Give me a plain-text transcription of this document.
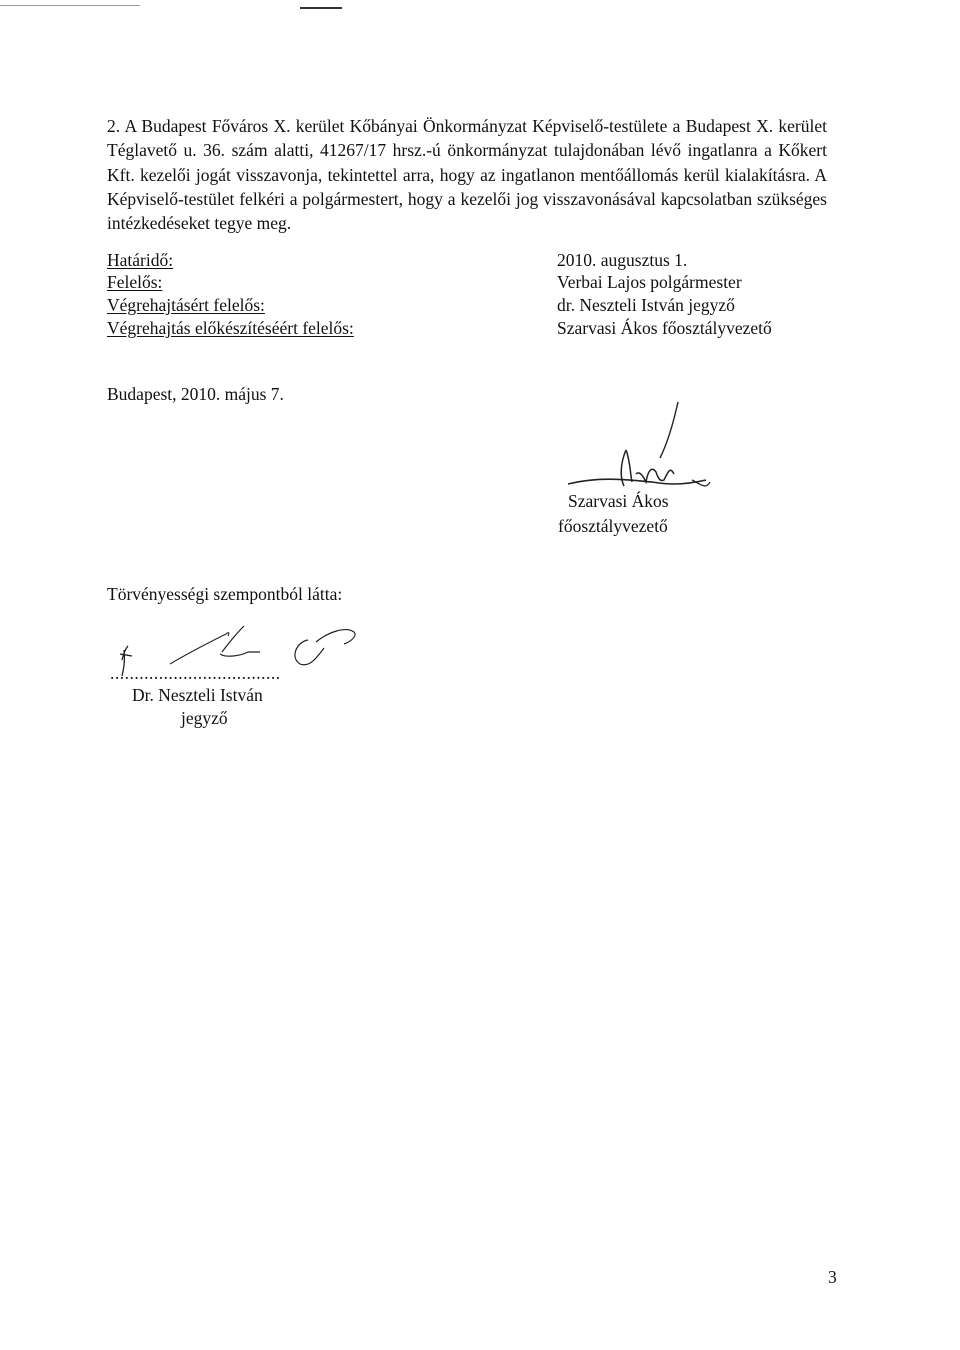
2. A Budapest Főváros X. kerület Kőbányai Önkormányzat Képviselő-testülete a Budapest X. kerület Téglavető u. 36. szám alatti, 41267/17 hrsz.-ú önkormányzat tulajdonában lévő ingatlanra a Kőkert Kft. kezelői jogát visszavonja, tekintettel arra, hogy az ingatlanon mentőállomás kerül kialakításra. A Képviselő-testület felkéri a polgármestert, hogy a kezelői jog visszavonásával kapcsolatban szükséges intézkedéseket tegye meg.
Határidő:	2010. augusztus 1.
Felelős:	Verbai Lajos polgármester
Végrehajtásért felelős:	dr. Neszteli István jegyző
Végrehajtás előkészítéséért felelős:	Szarvasi Ákos főosztályvezető
Budapest, 2010. május 7.
Szarvasi Ákos
főosztályvezető
Törvényességi szempontból látta:
...................................
Dr. Neszteli István
jegyző
3
